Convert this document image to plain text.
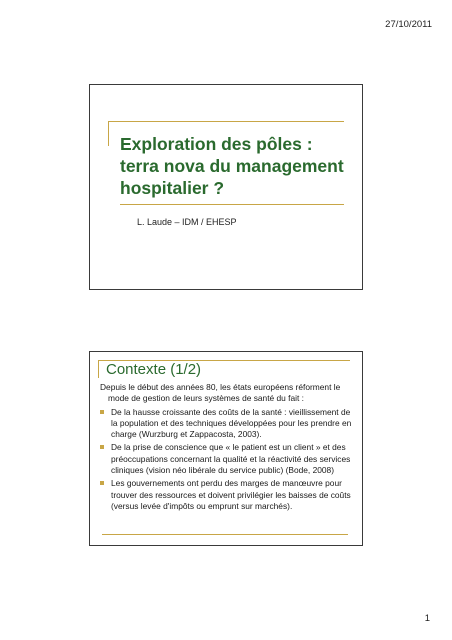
27/10/2011
Exploration des pôles : terra nova du management hospitalier ?
L. Laude – IDM / EHESP
Contexte (1/2)

Depuis le début des années 80, les états européens réforment le mode de gestion de leurs systèmes de santé du fait :

De la hausse croissante des coûts de la santé : vieillissement de la population et des techniques développées pour les prendre en charge (Wurzburg et Zappacosta, 2003).
De la prise de conscience que « le patient est un client » et des préoccupations concernant la qualité et la réactivité des services cliniques (vision néo libérale du service public) (Bode, 2008)
Les gouvernements ont perdu des marges de manœuvre pour trouver des ressources et doivent privilégier les baisses de coûts (versus levée d'impôts ou emprunt sur marchés).
1
